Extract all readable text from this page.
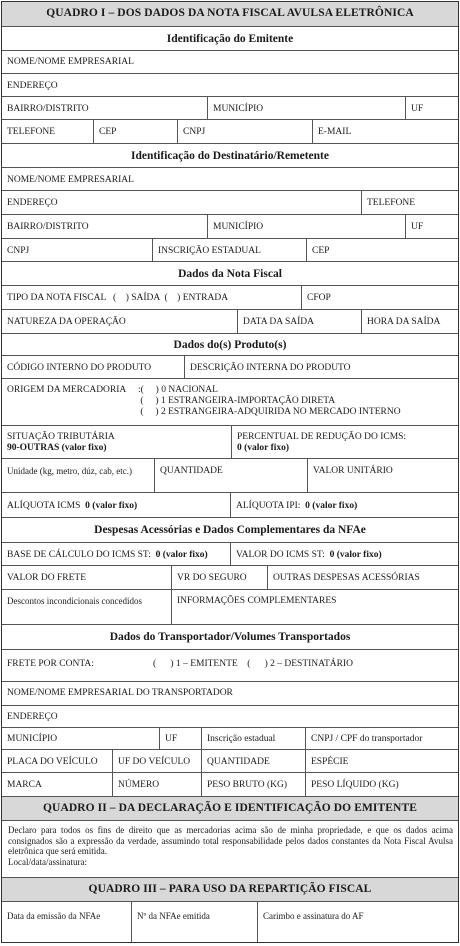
QUADRO I – DOS DADOS DA NOTA FISCAL AVULSA ELETRÔNICA
Identificação do Emitente
NOME/NOME EMPRESARIAL
ENDEREÇO
BAIRRO/DISTRITO	MUNICÍPIO	UF
TELEFONE	CEP	CNPJ	E-MAIL
Identificação do Destinatário/Remetente
NOME/NOME EMPRESARIAL
ENDEREÇO	TELEFONE
BAIRRO/DISTRITO	MUNICÍPIO	UF
CNPJ	INSCRIÇÃO ESTADUAL	CEP
Dados da Nota Fiscal
TIPO DA NOTA FISCAL   (    ) SAÍDA  (    ) ENTRADA	CFOP
NATUREZA DA OPERAÇÃO	DATA DA SAÍDA	HORA DA SAÍDA
Dados do(s) Produto(s)
CÓDIGO INTERNO DO PRODUTO	DESCRIÇÃO INTERNA DO PRODUTO
ORIGEM DA MERCADORIA :(     ) 0 NACIONAL
(     ) 1 ESTRANGEIRA-IMPORTAÇÃO DIRETA
(     ) 2 ESTRANGEIRA-ADQUIRIDA NO MERCADO INTERNO
SITUAÇÃO TRIBUTÁRIA
90-OUTRAS (valor fixo)
PERCENTUAL DE REDUÇÃO DO ICMS:
0 (valor fixo)
Unidade (kg, metro, dúz, cab, etc.)	QUANTIDADE	VALOR UNITÁRIO
ALÍQUOTA ICMS 0 (valor fixo)	ALÍQUOTA IPI: 0 (valor fixo)
Despesas Acessórias e Dados Complementares da NFAe
BASE DE CÁLCULO DO ICMS ST: 0 (valor fixo)	VALOR DO ICMS ST: 0 (valor fixo)
VALOR DO FRETE	VR DO SEGURO	OUTRAS DESPESAS ACESSÓRIAS
Descontos incondicionais concedidos	INFORMAÇÕES COMPLEMENTARES
Dados do Transportador/Volumes Transportados
FRETE POR CONTA:	(      ) 1 – EMITENTE    (      ) 2 – DESTINATÁRIO
NOME/NOME EMPRESARIAL DO TRANSPORTADOR
ENDEREÇO
MUNICÍPIO	UF	Inscrição estadual	CNPJ / CPF do transportador
PLACA DO VEÍCULO	UF DO VEÍCULO	QUANTIDADE	ESPÉCIE
MARCA	NÚMERO	PESO BRUTO (KG)	PESO LÍQUIDO (KG)
QUADRO II – DA DECLARAÇÃO E IDENTIFICAÇÃO DO EMITENTE
Declaro para todos os fins de direito que as mercadorias acima são de minha propriedade, e que os dados acima consignados são a expressão da verdade, assumindo total responsabilidade pelos dados constantes da Nota Fiscal Avulsa eletrônica que será emitida.
Local/data/assinatura:
QUADRO III – PARA USO DA REPARTIÇÃO FISCAL
Data da emissão da NFAe	Nº da NFAe emitida	Carimbo e assinatura do AF
